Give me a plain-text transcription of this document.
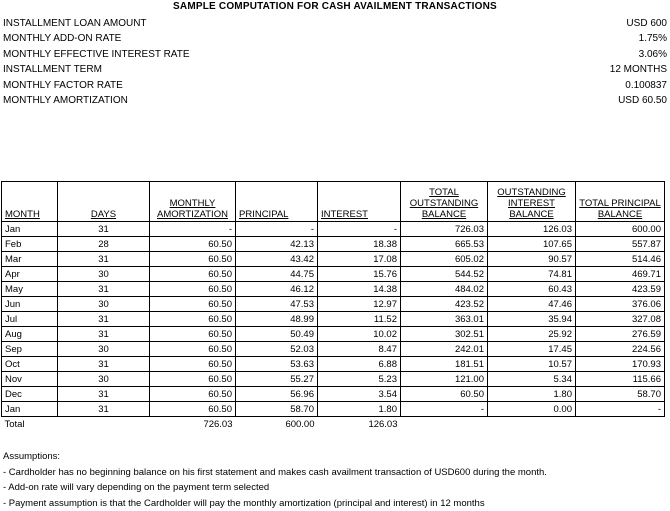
SAMPLE COMPUTATION FOR CASH AVAILMENT TRANSACTIONS
INSTALLMENT LOAN AMOUNT	USD 600
MONTHLY ADD-ON RATE	1.75%
MONTHLY EFFECTIVE INTEREST RATE	3.06%
INSTALLMENT TERM	12 MONTHS
MONTHLY FACTOR RATE	0.100837
MONTHLY AMORTIZATION	USD 60.50
MONTH	DAYS	MONTHLY AMORTIZATION	PRINCIPAL	INTEREST	TOTAL OUTSTANDING BALANCE	OUTSTANDING INTEREST BALANCE	TOTAL PRINCIPAL BALANCE
Jan	31	-	-	-	726.03	126.03	600.00
Feb	28	60.50	42.13	18.38	665.53	107.65	557.87
Mar	31	60.50	43.42	17.08	605.02	90.57	514.46
Apr	30	60.50	44.75	15.76	544.52	74.81	469.71
May	31	60.50	46.12	14.38	484.02	60.43	423.59
Jun	30	60.50	47.53	12.97	423.52	47.46	376.06
Jul	31	60.50	48.99	11.52	363.01	35.94	327.08
Aug	31	60.50	50.49	10.02	302.51	25.92	276.59
Sep	30	60.50	52.03	8.47	242.01	17.45	224.56
Oct	31	60.50	53.63	6.88	181.51	10.57	170.93
Nov	30	60.50	55.27	5.23	121.00	5.34	115.66
Dec	31	60.50	56.96	3.54	60.50	1.80	58.70
Jan	31	60.50	58.70	1.80	-	0.00	-
Total		726.03	600.00	126.03			
Assumptions:
- Cardholder has no beginning balance on his first statement and makes cash availment transaction of USD600 during the month.
- Add-on rate will vary depending on the payment term selected
- Payment assumption is that the Cardholder will pay the monthly amortization (principal and interest) in 12 months
